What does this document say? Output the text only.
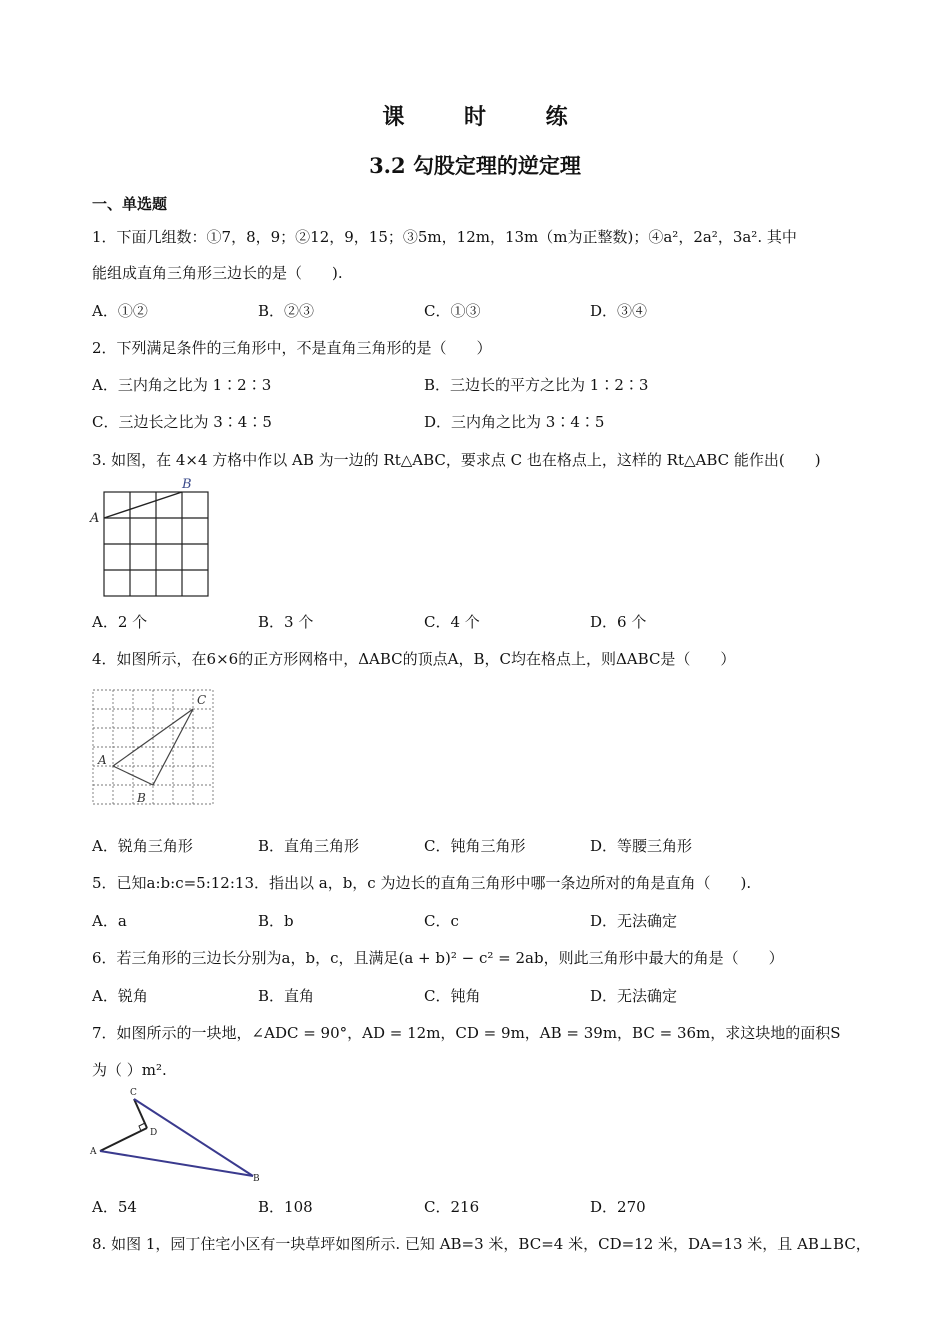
课 时 练
3.2 勾股定理的逆定理
一、单选题
1．下面几组数：①7，8，9；②12，9，15；③5m，12m，13m（m为正整数)；④a²，2a²，3a². 其中
能组成直角三角形三边长的是（　　).
A．①②	B．②③	C．①③	D．③④
2．下列满足条件的三角形中，不是直角三角形的是（　　）
A．三内角之比为 1∶2∶3	B．三边长的平方之比为 1∶2∶3
C．三边长之比为 3∶4∶5	D．三内角之比为 3∶4∶5
3. 如图，在 4×4 方格中作以 AB 为一边的 Rt△ABC，要求点 C 也在格点上，这样的 Rt△ABC 能作出(　　)
A
B
A．2 个	B．3 个	C．4 个	D．6 个
4．如图所示，在6×6的正方形网格中，ΔABC的顶点A，B，C均在格点上，则ΔABC是（　　）
A
B
C
A．锐角三角形	B．直角三角形	C．钝角三角形	D．等腰三角形
5．已知a:b:c=5:12:13．指出以 a，b，c 为边长的直角三角形中哪一条边所对的角是直角（　　).
A．a	B．b	C．c	D．无法确定
6．若三角形的三边长分别为a，b，c，且满足(a + b)² − c² = 2ab，则此三角形中最大的角是（　　）
A．锐角	B．直角	C．钝角	D．无法确定
7．如图所示的一块地，∠ADC = 90°，AD = 12m，CD = 9m，AB = 39m，BC = 36m，求这块地的面积S
为（ ）m².
C
D
A
B
A．54	B．108	C．216	D．270
8. 如图 1，园丁住宅小区有一块草坪如图所示. 已知 AB=3 米，BC=4 米，CD=12 米，DA=13 米，且 AB⊥BC，
